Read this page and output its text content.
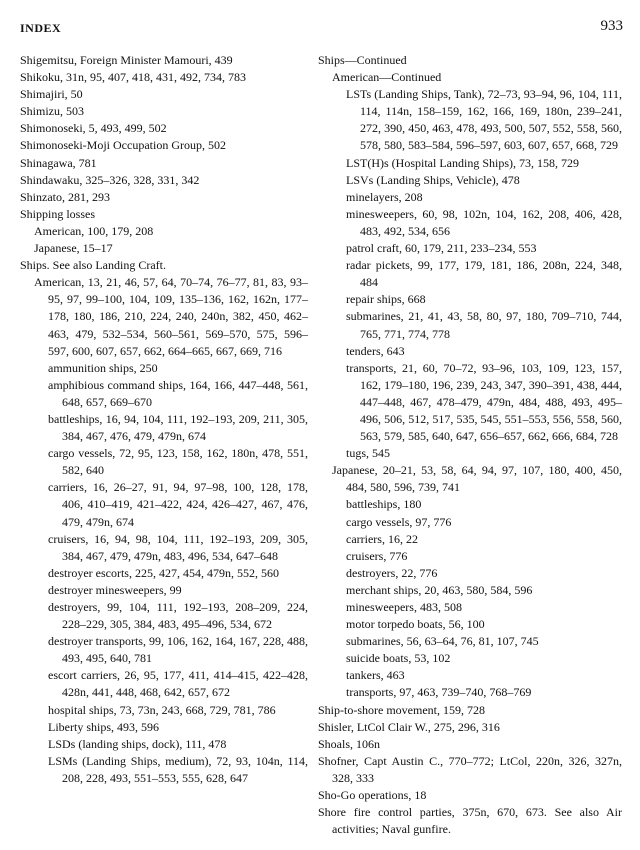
INDEX	933
Shigemitsu, Foreign Minister Mamouri, 439
Shikoku, 31n, 95, 407, 418, 431, 492, 734, 783
Shimajiri, 50
Shimizu, 503
Shimonoseki, 5, 493, 499, 502
Shimonoseki-Moji Occupation Group, 502
Shinagawa, 781
Shindawaku, 325–326, 328, 331, 342
Shinzato, 281, 293
Shipping losses
American, 100, 179, 208
Japanese, 15–17
Ships. See also Landing Craft.
American, 13, 21, 46, 57, 64, 70–74, 76–77, 81, 83, 93–95, 97, 99–100, 104, 109, 135–136, 162, 162n, 177–178, 180, 186, 210, 224, 240, 240n, 382, 450, 462–463, 479, 532–534, 560–561, 569–570, 575, 596–597, 600, 607, 657, 662, 664–665, 667, 669, 716
ammunition ships, 250
amphibious command ships, 164, 166, 447–448, 561, 648, 657, 669–670
battleships, 16, 94, 104, 111, 192–193, 209, 211, 305, 384, 467, 476, 479, 479n, 674
cargo vessels, 72, 95, 123, 158, 162, 180n, 478, 551, 582, 640
carriers, 16, 26–27, 91, 94, 97–98, 100, 128, 178, 406, 410–419, 421–422, 424, 426–427, 467, 476, 479, 479n, 674
cruisers, 16, 94, 98, 104, 111, 192–193, 209, 305, 384, 467, 479, 479n, 483, 496, 534, 647–648
destroyer escorts, 225, 427, 454, 479n, 552, 560
destroyer minesweepers, 99
destroyers, 99, 104, 111, 192–193, 208–209, 224, 228–229, 305, 384, 483, 495–496, 534, 672
destroyer transports, 99, 106, 162, 164, 167, 228, 488, 493, 495, 640, 781
escort carriers, 26, 95, 177, 411, 414–415, 422–428, 428n, 441, 448, 468, 642, 657, 672
hospital ships, 73, 73n, 243, 668, 729, 781, 786
Liberty ships, 493, 596
LSDs (landing ships, dock), 111, 478
LSMs (Landing Ships, medium), 72, 93, 104n, 114, 208, 228, 493, 551–553, 555, 628, 647
Ships—Continued
American—Continued
LSTs (Landing Ships, Tank), 72–73, 93–94, 96, 104, 111, 114, 114n, 158–159, 162, 166, 169, 180n, 239–241, 272, 390, 450, 463, 478, 493, 500, 507, 552, 558, 560, 578, 580, 583–584, 596–597, 603, 607, 657, 668, 729
LST(H)s (Hospital Landing Ships), 73, 158, 729
LSVs (Landing Ships, Vehicle), 478
minelayers, 208
minesweepers, 60, 98, 102n, 104, 162, 208, 406, 428, 483, 492, 534, 656
patrol craft, 60, 179, 211, 233–234, 553
radar pickets, 99, 177, 179, 181, 186, 208n, 224, 348, 484
repair ships, 668
submarines, 21, 41, 43, 58, 80, 97, 180, 709–710, 744, 765, 771, 774, 778
tenders, 643
transports, 21, 60, 70–72, 93–96, 103, 109, 123, 157, 162, 179–180, 196, 239, 243, 347, 390–391, 438, 444, 447–448, 467, 478–479, 479n, 484, 488, 493, 495–496, 506, 512, 517, 535, 545, 551–553, 556, 558, 560, 563, 579, 585, 640, 647, 656–657, 662, 666, 684, 728
tugs, 545
Japanese, 20–21, 53, 58, 64, 94, 97, 107, 180, 400, 450, 484, 580, 596, 739, 741
battleships, 180
cargo vessels, 97, 776
carriers, 16, 22
cruisers, 776
destroyers, 22, 776
merchant ships, 20, 463, 580, 584, 596
minesweepers, 483, 508
motor torpedo boats, 56, 100
submarines, 56, 63–64, 76, 81, 107, 745
suicide boats, 53, 102
tankers, 463
transports, 97, 463, 739–740, 768–769
Ship-to-shore movement, 159, 728
Shisler, LtCol Clair W., 275, 296, 316
Shoals, 106n
Shofner, Capt Austin C., 770–772; LtCol, 220n, 326, 327n, 328, 333
Sho-Go operations, 18
Shore fire control parties, 375n, 670, 673. See also Air activities; Naval gunfire.
